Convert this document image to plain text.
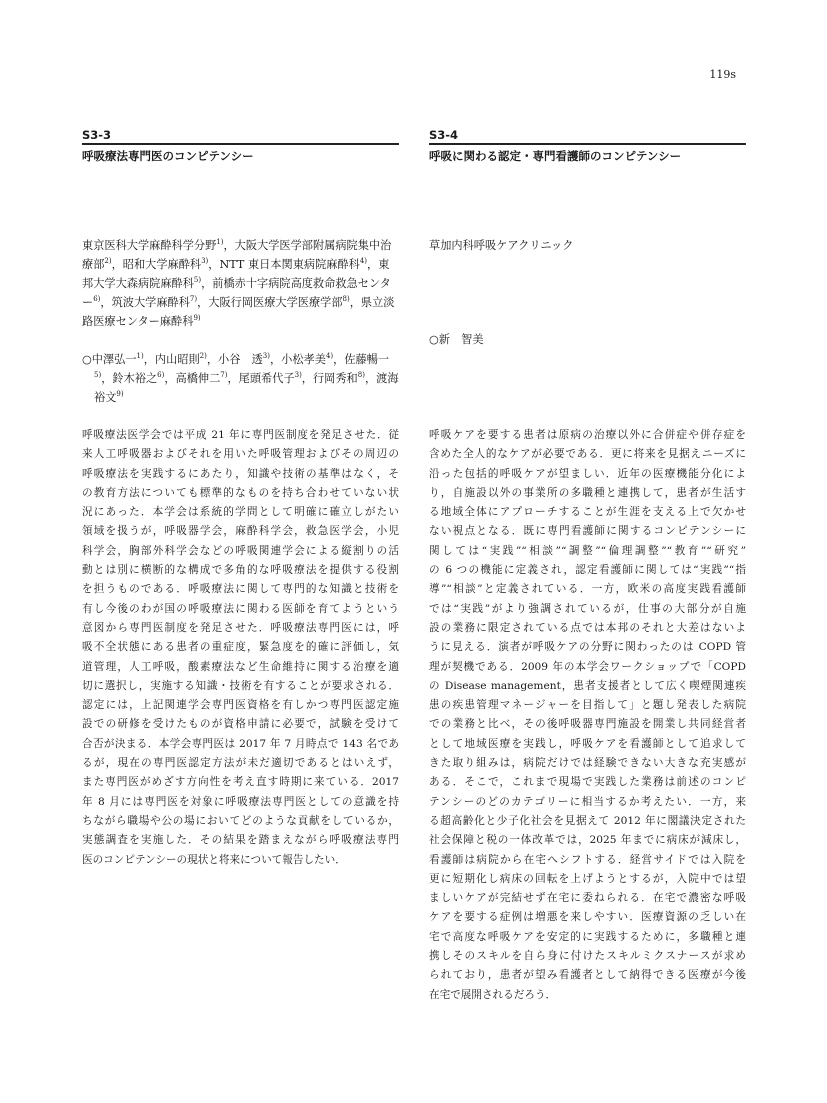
119s
S3-3
呼吸療法専門医のコンピテンシー
東京医科大学麻酔科学分野$^{1)}$，大阪大学医学部附属病院集中治療部$^{2)}$，昭和大学麻酔科$^{3)}$，NTT 東日本関東病院麻酔科$^{4)}$，東邦大学大森病院麻酔科$^{5)}$，前橋赤十字病院高度救命救急センター$^{6)}$，筑波大学麻酔科$^{7)}$，大阪行岡医療大学医療学部$^{8)}$，県立淡路医療センター麻酔科$^{9)}$
○中澤弘一$^{1)}$，内山昭則$^{2)}$，小谷　透$^{3)}$，小松孝美$^{4)}$，佐藤暢一$^{5)}$，鈴木裕之$^{6)}$，高橋伸二$^{7)}$，尾頭希代子$^{3)}$，行岡秀和$^{8)}$，渡海裕文$^{9)}$
呼吸療法医学会では平成 21 年に専門医制度を発足させた．従
来人工呼吸器およびそれを用いた呼吸管理およびその周辺の
呼吸療法を実践するにあたり，知識や技術の基準はなく，そ
の教育方法についても標準的なものを持ち合わせていない状
況にあった．本学会は系統的学問として明確に確立しがたい
領域を扱うが，呼吸器学会，麻酔科学会，救急医学会，小児
科学会，胸部外科学会などの呼吸関連学会による縦割りの活
動とは別に横断的な構成で多角的な呼吸療法を提供する役割
を担うものである．呼吸療法に関して専門的な知識と技術を
有し今後のわが国の呼吸療法に関わる医師を育てようという
意図から専門医制度を発足させた．呼吸療法専門医には，呼
吸不全状態にある患者の重症度，緊急度を的確に評価し，気
道管理，人工呼吸，酸素療法など生命維持に関する治療を適
切に選択し，実施する知識・技術を有することが要求される．
認定には，上記関連学会専門医資格を有しかつ専門医認定施
設での研修を受けたものが資格申請に必要で，試験を受けて
合否が決まる．本学会専門医は 2017 年 7 月時点で 143 名であ
るが，現在の専門医認定方法が未だ適切であるとはいえず，
また専門医がめざす方向性を考え直す時期に来ている．2017
年 8 月には専門医を対象に呼吸療法専門医としての意識を持
ちながら職場や公の場においてどのような貢献をしているか，
実態調査を実施した．その結果を踏まえながら呼吸療法専門
医のコンピテンシーの現状と将来について報告したい．
S3-4
呼吸に関わる認定・専門看護師のコンピテンシー
草加内科呼吸ケアクリニック
○新　智美
呼吸ケアを要する患者は原病の治療以外に合併症や併存症を
含めた全人的なケアが必要である．更に将来を見据えニーズに
沿った包括的呼吸ケアが望ましい．近年の医療機能分化によ
り，自施設以外の事業所の多職種と連携して，患者が生活す
る地域全体にアプローチすることが生涯を支える上で欠かせ
ない視点となる．既に専門看護師に関するコンピテンシーに
関しては“実践”“相談”“調整”“倫理調整”“教育”“研究”
の 6 つの機能に定義され，認定看護師に関しては“実践”“指
導”“相談”と定義されている．一方，欧米の高度実践看護師
では“実践”がより強調されているが，仕事の大部分が自施
設の業務に限定されている点では本邦のそれと大差はないよ
うに見える．演者が呼吸ケアの分野に関わったのは COPD 管
理が契機である．2009 年の本学会ワークショップで「COPD
の Disease management，患者支援者として広く喫煙関連疾
患の疾患管理マネージャーを目指して」と題し発表した病院
での業務と比べ，その後呼吸器専門施設を開業し共同経営者
として地域医療を実践し，呼吸ケアを看護師として追求して
きた取り組みは，病院だけでは経験できない大きな充実感が
ある．そこで，これまで現場で実践した業務は前述のコンピ
テンシーのどのカテゴリーに相当するか考えたい．一方，来
る超高齢化と少子化社会を見据えて 2012 年に閣議決定された
社会保障と税の一体改革では，2025 年までに病床が減床し，
看護師は病院から在宅へシフトする．経営サイドでは入院を
更に短期化し病床の回転を上げようとするが，入院中では望
ましいケアが完結せず在宅に委ねられる．在宅で濃密な呼吸
ケアを要する症例は増悪を来しやすい．医療資源の乏しい在
宅で高度な呼吸ケアを安定的に実践するために，多職種と連
携しそのスキルを自ら身に付けたスキルミクスナースが求め
られており，患者が望み看護者として納得できる医療が今後
在宅で展開されるだろう．
